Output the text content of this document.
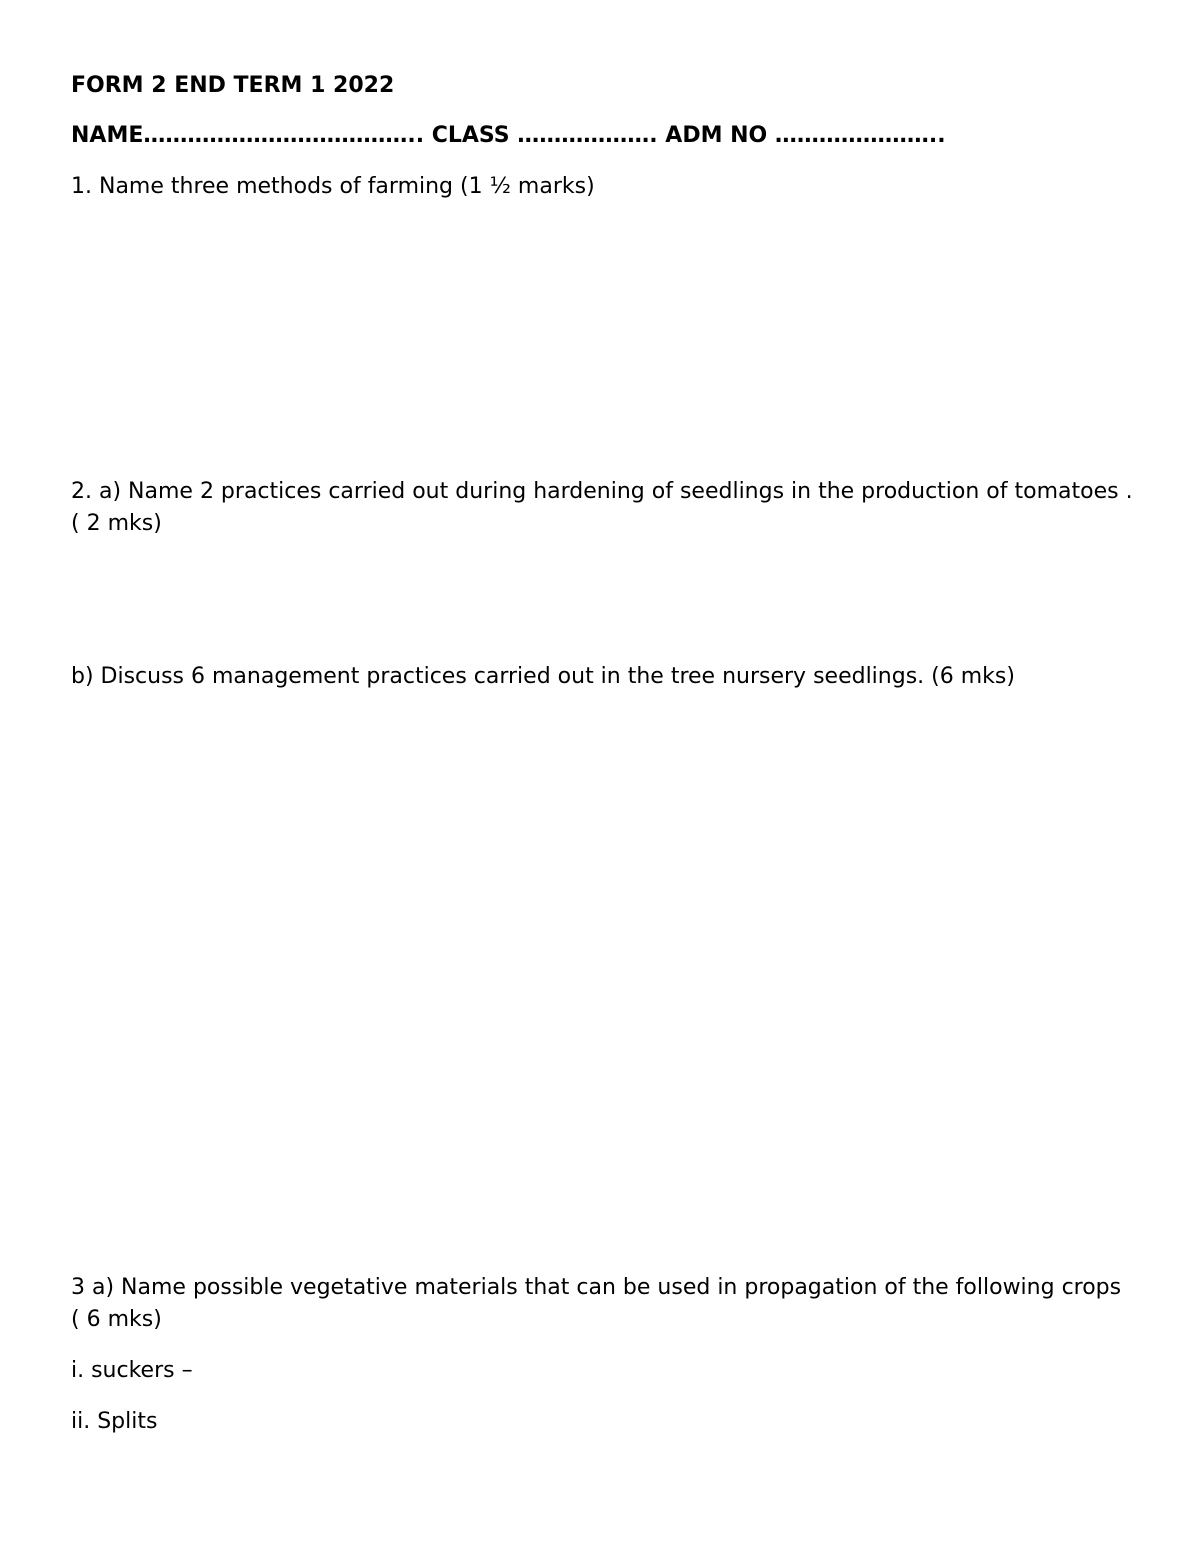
FORM 2 END TERM 1 2022

NAME……………………………….. CLASS ………………. ADM NO …………………..

1. Name three methods of farming (1 ½ marks)

2. a) Name 2 practices carried out during hardening of seedlings in the production of tomatoes .( 2 mks)

b) Discuss 6 management practices carried out in the tree nursery seedlings. (6 mks)

3 a) Name possible vegetative materials that can be used in propagation of the following crops ( 6 mks)

i. suckers –

ii. Splits
